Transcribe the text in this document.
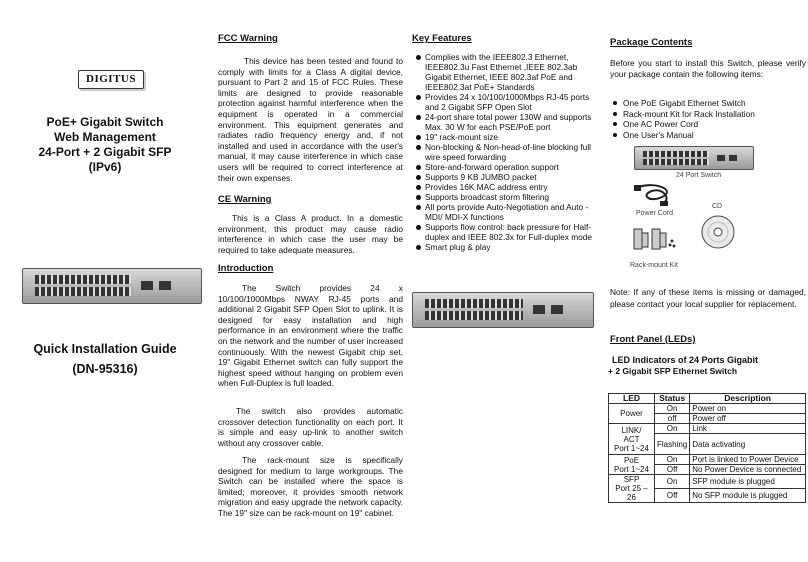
DIGITUS
PoE+ Gigabit Switch
Web Management
24-Port + 2 Gigabit SFP
(IPv6)
Quick Installation Guide
(DN-95316)
FCC Warning
This device has been tested and found to comply with limits for a Class A digital device, pursuant to Part 2 and 15 of FCC Rules. These limits are designed to provide reasonable protection against harmful interference when the equipment is operated in a commercial environment. This equipment generates and radiates radio frequency energy and, if not installed and used in accordance with the user's manual, it may cause interference in which case users will be required to correct interference at their own expenses.
CE Warning
This is a Class A product. In a domestic environment, this product may cause radio interference in which case the user may be required to take adequate measures.
Introduction
The Switch provides 24 x 10/100/1000Mbps NWAY RJ-45 ports and additional 2 Gigabit SFP Open Slot to uplink. It is designed for easy installation and high performance in an environment where the traffic on the network and the number of user increased continuously. With the newest Gigabit chip set, 19" Gigabit Ethernet switch can fully support the highest speed without hanging on problem even when Full-Duplex is full loaded.
The switch also provides automatic crossover detection functionality on each port. It is simple and easy up-link to another switch without any crossover cable.
The rack-mount size is specifically designed for medium to large workgroups. The Switch can be installed where the space is limited; moreover, it provides smooth network migration and easy upgrade the network capacity. The 19" size can be rack-mount on 19" cabinet.
Key Features
Complies with the IEEE802.3 Ethernet, IEEE802.3u Fast Ethernet ,IEEE 802.3ab Gigabit Ethernet, IEEE 802.3af PoE and IEEE802.3at PoE+ Standards
Provides 24 x 10/100/1000Mbps RJ-45 ports and 2 Gigabit SFP Open Slot
24-port share total power 130W and supports Max. 30 W for each PSE/PoE port
19" rack-mount size
Non-blocking & Non-head-of-line blocking full wire speed forwarding
Store-and-forward operation support
Supports 9 KB JUMBO packet
Provides 16K MAC address entry
Supports broadcast storm filtering
All ports provide Auto-Negotiation and Auto -MDI/ MDI-X functions
Supports flow control: back pressure for Half-duplex and IEEE 802.3x for Full-duplex mode
Smart plug & play
Package Contents
Before you start to install this Switch, please verify your package contain the following items:
One PoE Gigabit Ethernet Switch
Rack-mount Kit for Rack Installation
One AC Power Cord
One User's Manual
24 Port Switch
Power Cord
CD
Rack-mount Kit
Note: If any of these items is missing or damaged, please contact your local supplier for replacement.
Front Panel (LEDs)
LED Indicators of 24 Ports Gigabit
+ 2 Gigabit SFP Ethernet Switch
LED	Status	Description
Power	On	Power on
	off	Power off
LINK/
ACT
Port 1~24	On	Link
	Flashing	Data activating
PoE
Port 1~24	On	Port is linked to Power Device
	Off	No Power Device is connected
SFP
Port 25 –
26	On	SFP module is plugged
	Off	No SFP module is plugged
